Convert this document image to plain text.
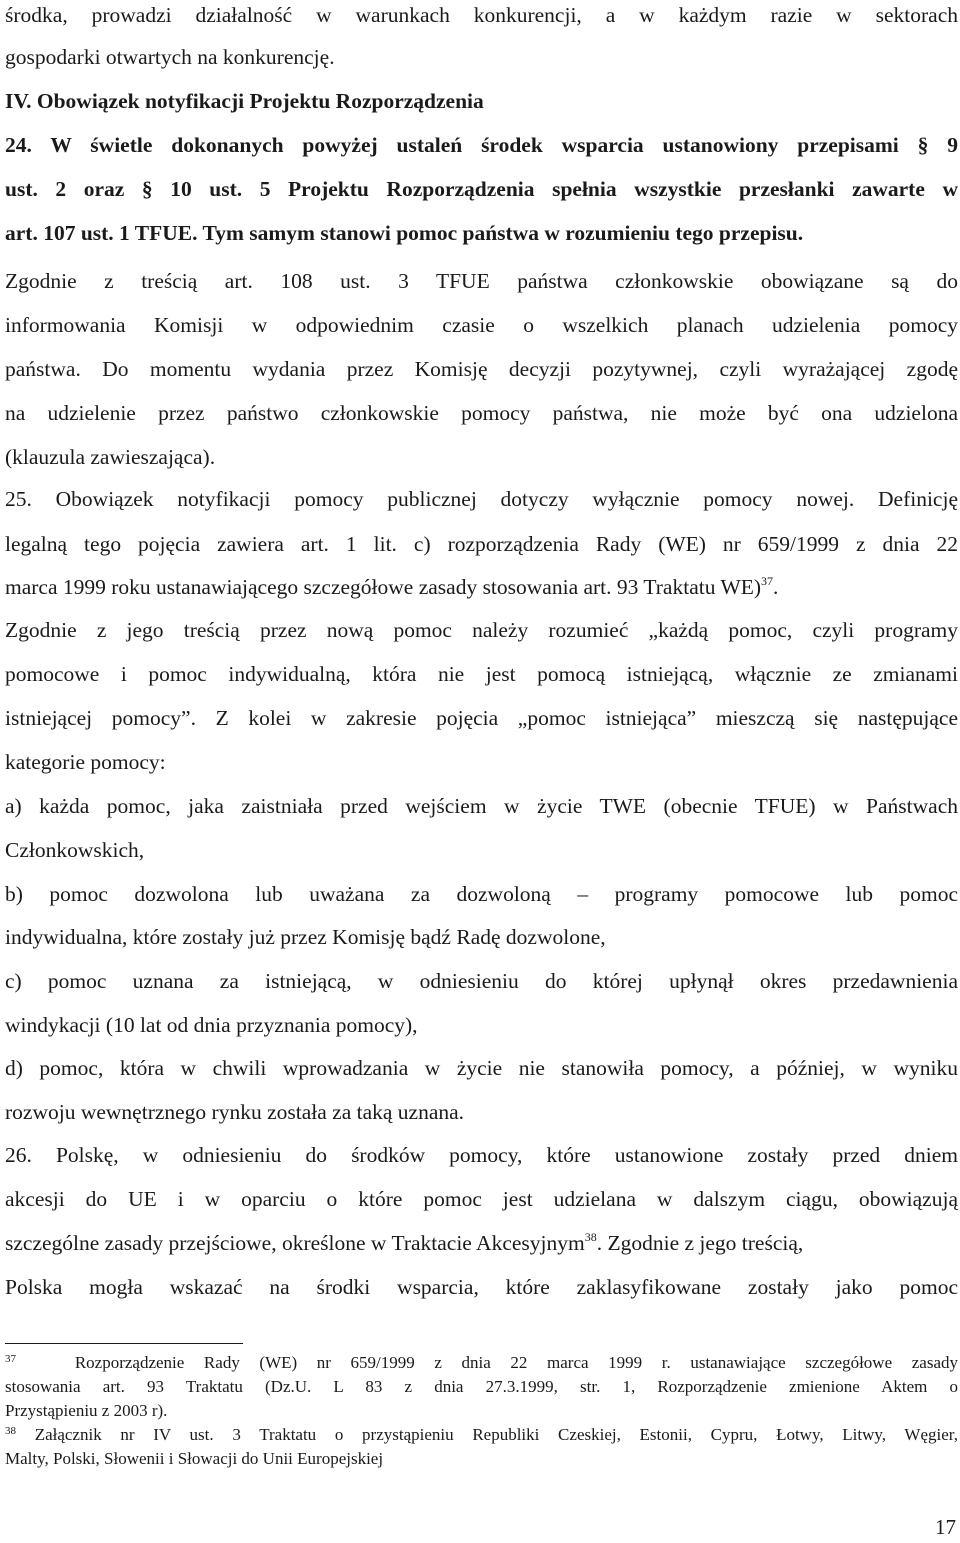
środka, prowadzi działalność w warunkach konkurencji, a w każdym razie w sektorach
gospodarki otwartych na konkurencję.
IV. Obowiązek notyfikacji Projektu Rozporządzenia
24. W świetle dokonanych powyżej ustaleń środek wsparcia ustanowiony przepisami § 9
ust. 2 oraz § 10 ust. 5 Projektu Rozporządzenia spełnia wszystkie przesłanki zawarte w
art. 107 ust. 1 TFUE. Tym samym stanowi pomoc państwa w rozumieniu tego przepisu.
Zgodnie z treścią art. 108 ust. 3 TFUE państwa członkowskie obowiązane są do
informowania Komisji w odpowiednim czasie o wszelkich planach udzielenia pomocy
państwa. Do momentu wydania przez Komisję decyzji pozytywnej, czyli wyrażającej zgodę
na udzielenie przez państwo członkowskie pomocy państwa, nie może być ona udzielona
(klauzula zawieszająca).
25. Obowiązek notyfikacji pomocy publicznej dotyczy wyłącznie pomocy nowej. Definicję
legalną tego pojęcia zawiera art. 1 lit. c) rozporządzenia Rady (WE) nr 659/1999 z dnia 22
marca 1999 roku ustanawiającego szczegółowe zasady stosowania art. 93 Traktatu WE)$^{37}$.
Zgodnie z jego treścią przez nową pomoc należy rozumieć „każdą pomoc, czyli programy
pomocowe i pomoc indywidualną, która nie jest pomocą istniejącą, włącznie ze zmianami
istniejącej pomocy”. Z kolei w zakresie pojęcia „pomoc istniejąca” mieszczą się następujące
kategorie pomocy:
a) każda pomoc, jaka zaistniała przed wejściem w życie TWE (obecnie TFUE) w Państwach
Członkowskich,
b) pomoc dozwolona lub uważana za dozwoloną – programy pomocowe lub pomoc
indywidualna, które zostały już przez Komisję bądź Radę dozwolone,
c) pomoc uznana za istniejącą, w odniesieniu do której upłynął okres przedawnienia
windykacji (10 lat od dnia przyznania pomocy),
d) pomoc, która w chwili wprowadzania w życie nie stanowiła pomocy, a później, w wyniku
rozwoju wewnętrznego rynku została za taką uznana.
26. Polskę, w odniesieniu do środków pomocy, które ustanowione zostały przed dniem
akcesji do UE i w oparciu o które pomoc jest udzielana w dalszym ciągu, obowiązują
szczególne zasady przejściowe, określone w Traktacie Akcesyjnym$^{38}$. Zgodnie z jego treścią,
Polska mogła wskazać na środki wsparcia, które zaklasyfikowane zostały jako pomoc
$^{37}$	Rozporządzenie Rady (WE) nr 659/1999 z dnia 22 marca 1999 r. ustanawiające szczegółowe zasady
stosowania art. 93 Traktatu (Dz.U. L 83 z dnia 27.3.1999, str. 1, Rozporządzenie zmienione Aktem o
Przystąpieniu z 2003 r).
$^{38}$ Załącznik nr IV ust. 3 Traktatu o przystąpieniu Republiki Czeskiej, Estonii, Cypru, Łotwy, Litwy, Węgier,
Malty, Polski, Słowenii i Słowacji do Unii Europejskiej
17
